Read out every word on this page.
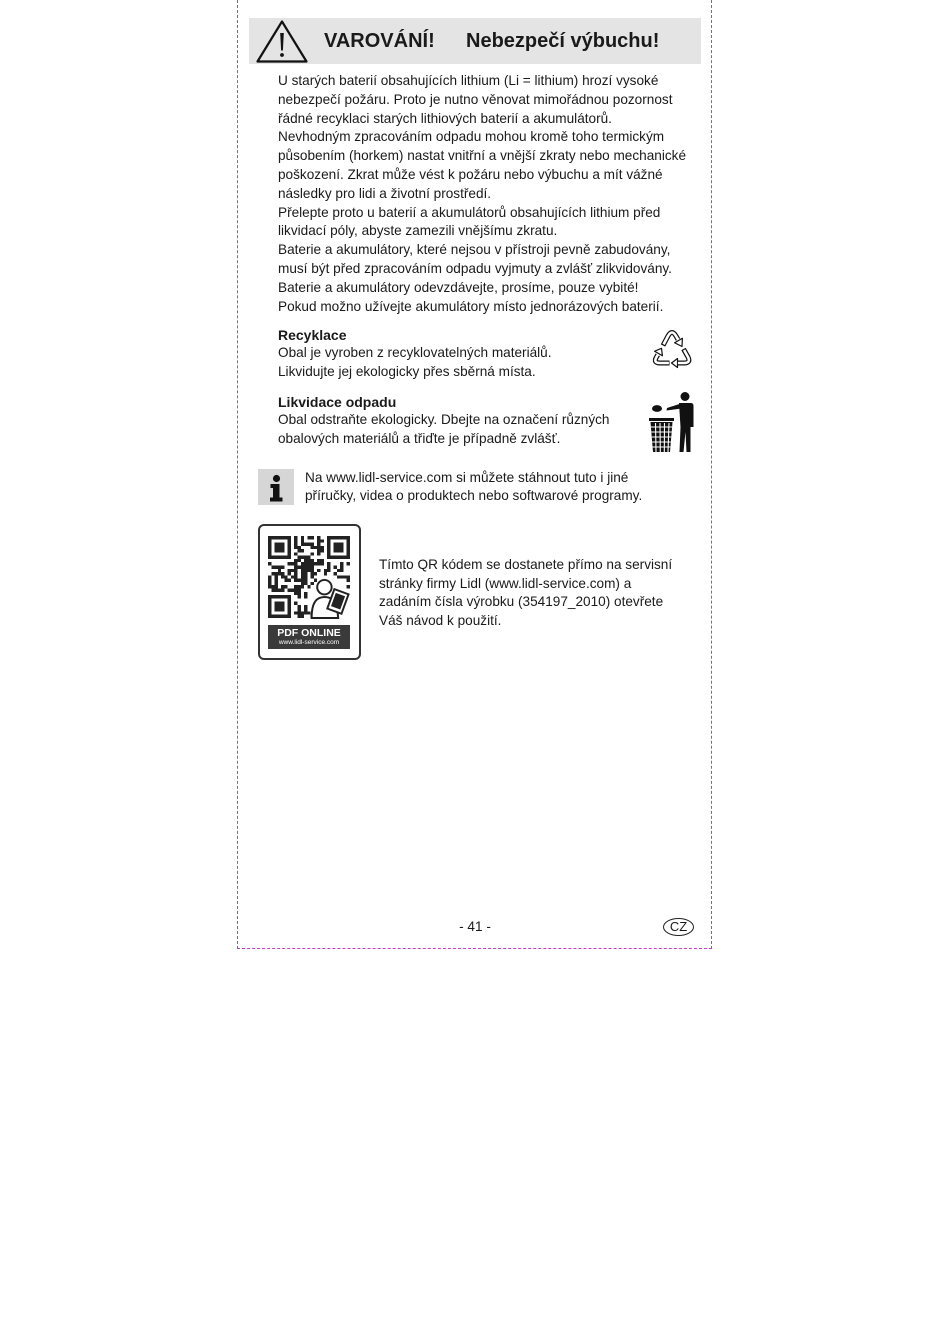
VAROVÁNÍ! Nebezpečí výbuchu!
U starých baterií obsahujících lithium (Li = lithium) hrozí vysoké
nebezpečí požáru. Proto je nutno věnovat mimořádnou pozornost
řádné recyklaci starých lithiových baterií a akumulátorů.
Nevhodným zpracováním odpadu mohou kromě toho termickým
působením (horkem) nastat vnitřní a vnější zkraty nebo mechanické
poškození. Zkrat může vést k požáru nebo výbuchu a mít vážné
následky pro lidi a životní prostředí.
Přelepte proto u baterií a akumulátorů obsahujících lithium před
likvidací póly, abyste zamezili vnějšímu zkratu.
Baterie a akumulátory, které nejsou v přístroji pevně zabudovány,
musí být před zpracováním odpadu vyjmuty a zvlášť zlikvidovány.
Baterie a akumulátory odevzdávejte, prosíme, pouze vybité!
Pokud možno užívejte akumulátory místo jednorázových baterií.
Recyklace
Obal je vyroben z recyklovatelných materiálů.
Likvidujte jej ekologicky přes sběrná místa.
Likvidace odpadu
Obal odstraňte ekologicky. Dbejte na označení různých
obalových materiálů a třiďte je případně zvlášť.
Na www.lidl-service.com si můžete stáhnout tuto i jiné
příručky, videa o produktech nebo softwarové programy.
PDF ONLINE
www.lidl-service.com
Tímto QR kódem se dostanete přímo na servisní
stránky firmy Lidl (www.lidl-service.com) a
zadáním čísla výrobku (354197_2010) otevřete
Váš návod k použití.
- 41 -	CZ
